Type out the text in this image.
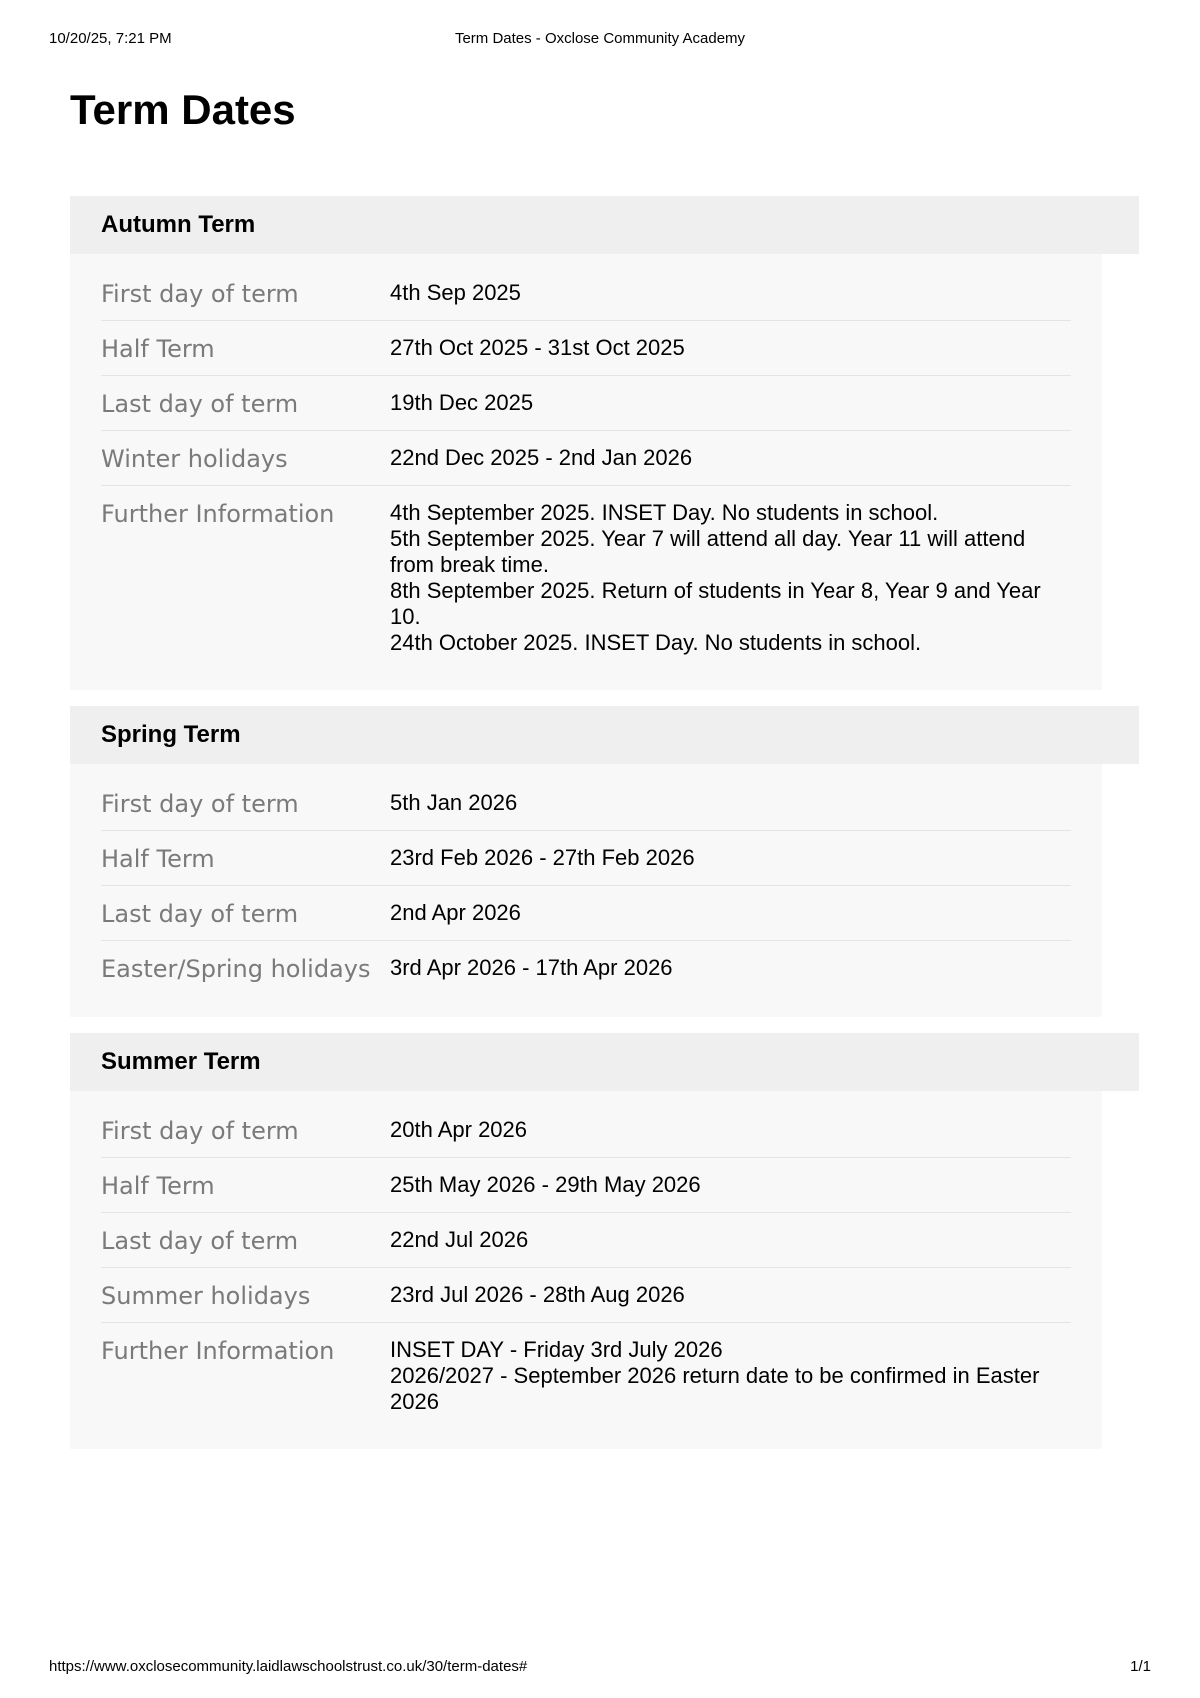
10/20/25, 7:21 PM	Term Dates - Oxclose Community Academy
Term Dates
Autumn Term
First day of term	4th Sep 2025
Half Term	27th Oct 2025 - 31st Oct 2025
Last day of term	19th Dec 2025
Winter holidays	22nd Dec 2025 - 2nd Jan 2026
Further Information	4th September 2025. INSET Day. No students in school.
5th September 2025. Year 7 will attend all day. Year 11 will attend from break time.
8th September 2025. Return of students in Year 8, Year 9 and Year 10.
24th October 2025. INSET Day. No students in school.
Spring Term
First day of term	5th Jan 2026
Half Term	23rd Feb 2026 - 27th Feb 2026
Last day of term	2nd Apr 2026
Easter/Spring holidays 3rd Apr 2026 - 17th Apr 2026
Summer Term
First day of term	20th Apr 2026
Half Term	25th May 2026 - 29th May 2026
Last day of term	22nd Jul 2026
Summer holidays	23rd Jul 2026 - 28th Aug 2026
Further Information	INSET DAY - Friday 3rd July 2026
2026/2027 - September 2026 return date to be confirmed in Easter 2026
https://www.oxclosecommunity.laidlawschoolstrust.co.uk/30/term-dates#	1/1
